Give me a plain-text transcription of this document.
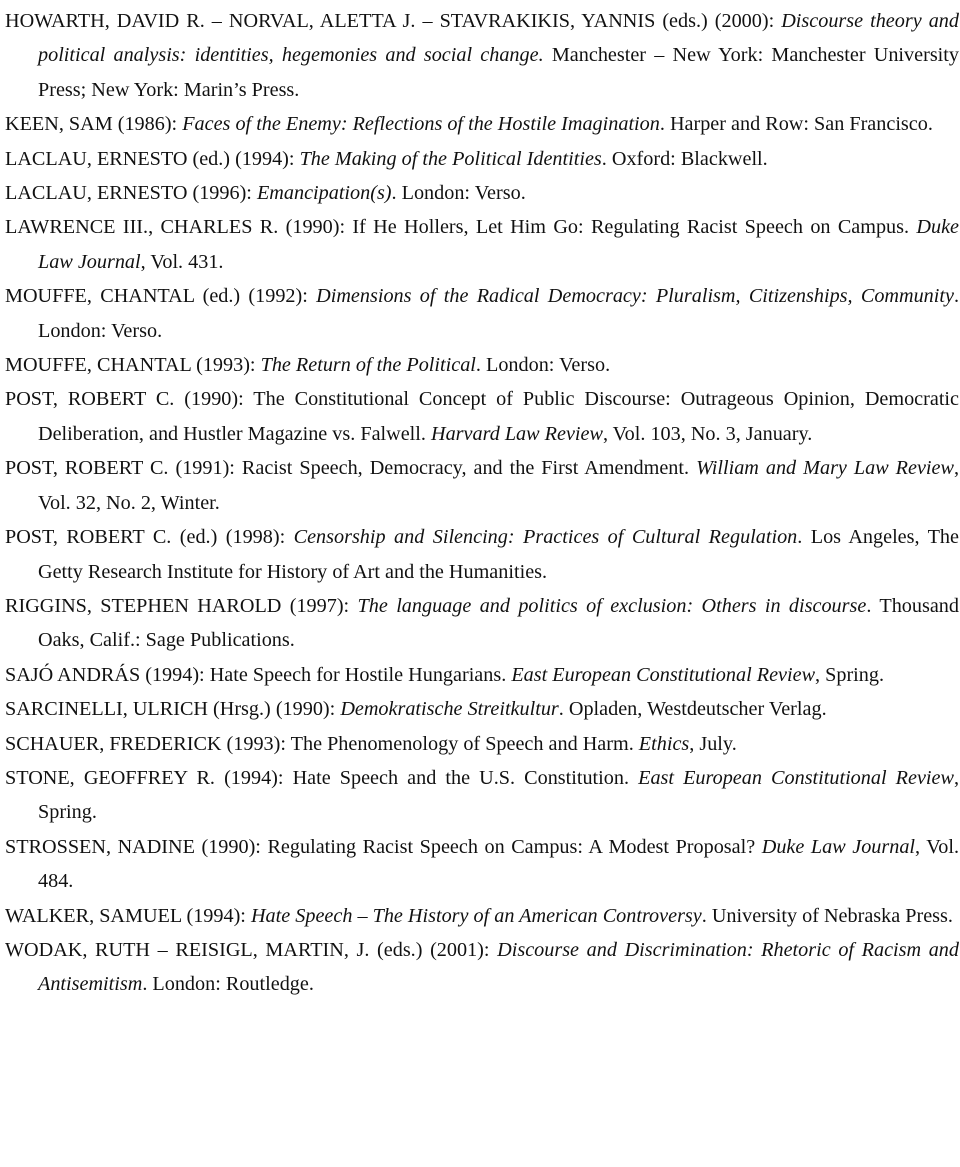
HOWARTH, DAVID R. – NORVAL, ALETTA J. – STAVRAKIKIS, YANNIS (eds.) (2000): Discourse theory and political analysis: identities, hegemonies and social change. Manchester – New York: Manchester University Press; New York: Marin’s Press.

KEEN, SAM (1986): Faces of the Enemy: Reflections of the Hostile Imagination. Harper and Row: San Francisco.

LACLAU, ERNESTO (ed.) (1994): The Making of the Political Identities. Oxford: Blackwell.

LACLAU, ERNESTO (1996): Emancipation(s). London: Verso.

LAWRENCE III., CHARLES R. (1990): If He Hollers, Let Him Go: Regulating Racist Speech on Campus. Duke Law Journal, Vol. 431.

MOUFFE, CHANTAL (ed.) (1992): Dimensions of the Radical Democracy: Pluralism, Citizenships, Community. London: Verso.

MOUFFE, CHANTAL (1993): The Return of the Political. London: Verso.

POST, ROBERT C. (1990): The Constitutional Concept of Public Discourse: Outrageous Opinion, Democratic Deliberation, and Hustler Magazine vs. Falwell. Harvard Law Review, Vol. 103, No. 3, January.

POST, ROBERT C. (1991): Racist Speech, Democracy, and the First Amendment. William and Mary Law Review, Vol. 32, No. 2, Winter.

POST, ROBERT C. (ed.) (1998): Censorship and Silencing: Practices of Cultural Regulation. Los Angeles, The Getty Research Institute for History of Art and the Humanities.

RIGGINS, STEPHEN HAROLD (1997): The language and politics of exclusion: Others in discourse. Thousand Oaks, Calif.: Sage Publications.

SAJÓ ANDRÁS (1994): Hate Speech for Hostile Hungarians. East European Constitutional Review, Spring.

SARCINELLI, ULRICH (Hrsg.) (1990): Demokratische Streitkultur. Opladen, Westdeutscher Verlag.

SCHAUER, FREDERICK (1993): The Phenomenology of Speech and Harm. Ethics, July.

STONE, GEOFFREY R. (1994): Hate Speech and the U.S. Constitution. East European Constitutional Review, Spring.

STROSSEN, NADINE (1990): Regulating Racist Speech on Campus: A Modest Proposal? Duke Law Journal, Vol. 484.

WALKER, SAMUEL (1994): Hate Speech – The History of an American Controversy. University of Nebraska Press.

WODAK, RUTH – REISIGL, MARTIN, J. (eds.) (2001): Discourse and Discrimination: Rhetoric of Racism and Antisemitism. London: Routledge.
